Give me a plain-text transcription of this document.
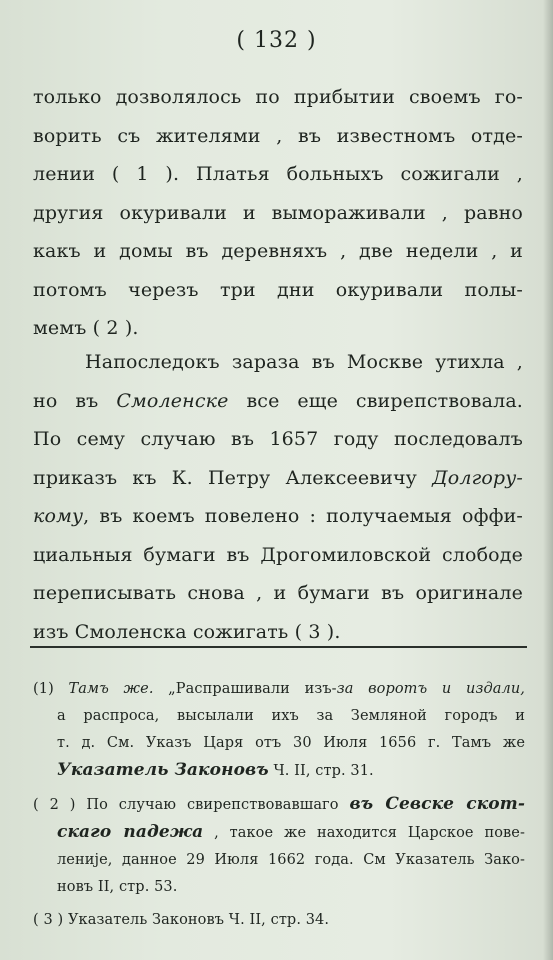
( 132 )
только дозволялось по прибытии своемъ го-
ворить съ жителями , въ известномъ отде-
лении ( 1 ). Платья больныхъ сожигали ,
другия окуривали и вымораживали , равно
какъ и домы въ деревняхъ , две недели , и
потомъ черезъ три дни окуривали полы-
мемъ ( 2 ).
Напоследокъ зараза въ Москве утихла ,
но въ Смоленске все еще свирепствовала.
По сему случаю въ 1657 году последовалъ
приказъ къ К. Петру Алексеевичу Долгору-
кому, въ коемъ повелено : получаемыя оффи-
циальныя бумаги въ Дрогомиловской слободе
переписывать снова , и бумаги въ оригинале
изъ Смоленска сожигать ( 3 ).
(1) Тамъ же. „Распрашивали изъ-за воротъ и издали,
а распроса, высылали ихъ за Земляной городъ и
т. д. См. Указъ Царя отъ 30 Июля 1656 г. Тамъ же
Указатель Законовъ Ч. II, стр. 31.
( 2 ) По случаю свирепствовавшаго въ Севске скот-
скаго падежа , такое же находится Царское пове-
леније, данное 29 Июля 1662 года. См Указатель Зако-
новъ II, стр. 53.
( 3 ) Указатель Законовъ Ч. II, стр. 34.
